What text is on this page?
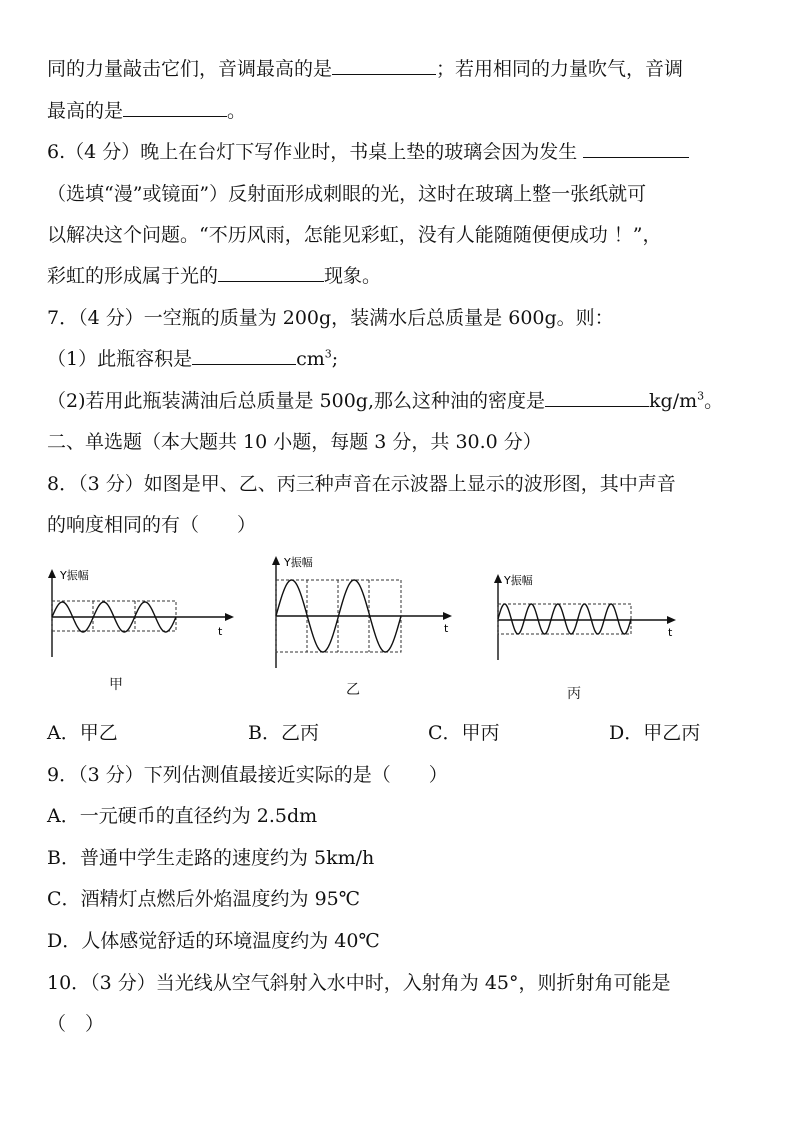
同的力量敲击它们，音调最高的是	；若用相同的力量吹气，音调
最高的是	。
6.（4 分）晚上在台灯下写作业时，书桌上垫的玻璃会因为发生
（选填“漫”或镜面”）反射面形成刺眼的光，这时在玻璃上整一张纸就可
以解决这个问题。“不历风雨，怎能见彩虹，没有人能随随便便成功 ！”，
彩虹的形成属于光的	现象。
7．（4 分）一空瓶的质量为 200g，装满水后总质量是 600g。则：
（1）此瓶容积是	$cm^3$;
（2)若用此瓶装满油后总质量是 500g,那么这种油的密度是	$kg/m^3$。
二、单选题（本大题共 10 小题，每题 3 分，共 30.0 分）
8．（3 分）如图是甲、乙、丙三种声音在示波器上显示的波形图，其中声音
的响度相同的有（　　）
Y振幅
t
甲
Y振幅
t
乙
Y振幅
t
丙
A．甲乙	B．乙丙	C．甲丙	D．甲乙丙
9．（3 分）下列估测值最接近实际的是（　　）
A．一元硬币的直径约为 2.5dm
B．普通中学生走路的速度约为 5km/h
C．酒精灯点燃后外焰温度约为 95℃
D．人体感觉舒适的环境温度约为 40℃
10．（3 分）当光线从空气斜射入水中时，入射角为 45°，则折射角可能是
（　）
